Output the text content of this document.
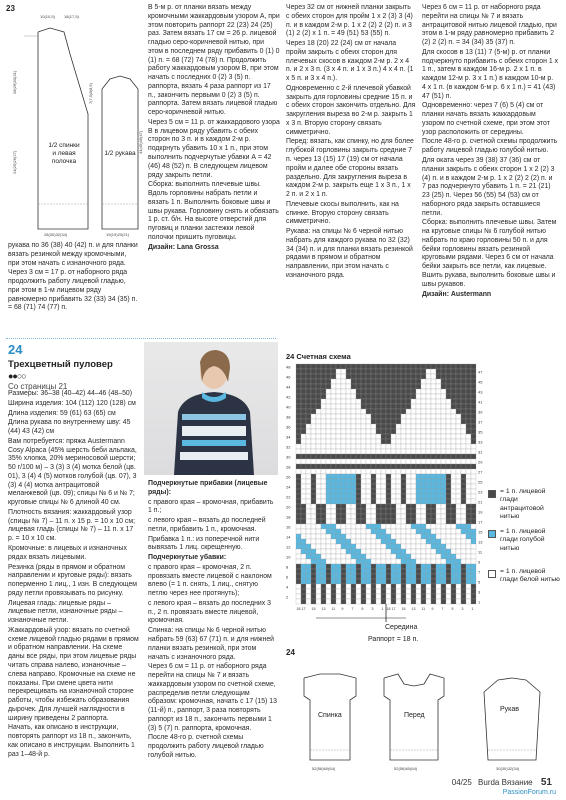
23
28(29)30(31)
24(25)26(27)
7(7,5)8(8,5)
44(45)46(47)
28(30)32(34)	19(19)20(21)
10(10,5) 18(17,5)
1/2 спинки и левая полочка
1/2 рукава

рукава по 36 (38) 40 (42) п. и для планки вязать резинкой между кромочными, при этом начать с изнаночного ряда.

Через 3 см = 17 р. от наборного ряда продолжить работу лицевой гладью, при этом в 1-м лицевом ряду равномерно прибавить 32 (33) 34 (35) п. = 68 (71) 74 (77) п.

В 5-м р. от планки вязать между кромочными жаккардовым узором А, при этом повторить раппорт 22 (23) 24 (25) раз. Затем вязать 17 см = 26 р. лицевой гладью серо-коричневой нитью, при этом в последнем ряду прибавить 0 (1) 0 (1) п. = 68 (72) 74 (78) п. Продолжить работу жаккардовым узором В, при этом начать с последних 0 (2) 3 (5) п. раппорта, вязать 4 раза раппорт из 17 п., закончить первыми 0 (2) 3 (5) п. раппорта. Затем вязать лицевой гладью серо-коричневой нитью.

Через 5 см = 11 р. от жаккардового узора В в лицевом ряду убавить с обеих сторон по 3 п. и в каждом 2-м р. подкрнуть убавить 10 x 1 п., при этом выполнить подчерчутые убавки А = 42 (46) 48 (52) п. В следующем лицевом ряду закрыть петли.

Сборка: выполнить плечевые швы. Вдоль горловины набрать петли и вязать 1 п. Выполнить боковые швы и швы рукава. Горловину снять и обвязать 1 р. ст. б/н. На высоте отверстий для пуговиц и планки застежки левой полочки пришить пуговицы.

Дизайн: Lana Grossa

Через 32 см от нижней планки закрыть с обеих сторон для пройм 1 x 2 (3) 3 (4) п. и в каждом 2-м р. 1 x 2 (2) 2 (2) п. и 3 (1) 2 (2) x 1 п. = 49 (51) 53 (55) п.

Через 18 (20) 22 (24) см от начала пройм закрыть с обеих сторон для плечевых скосов в каждом 2-м р. 2 x 4 п. и 2 x 3 п. (3 x 4 п. и 1 x 3 п.) 4 x 4 п. (1 x 5 п. и 3 x 4 п.).

Одновременно с 2-й плечевой убавкой закрыть для горловины средние 15 п. и с обеих сторон закончить отдельно. Для закругления выреза во 2-м р. закрыть 1 x 3 п. Вторую сторону связать симметрично.

Перед: вязать, как спинку, но для более глубокой горловины закрыть средние 7 п. через 13 (15) 17 (19) см от начала пройм и далее обе стороны вязать раздельно. Для закругления выреза в каждом 2-м р. закрыть еще 1 x 3 п., 1 x 2 п. и 2 x 1 п.

Плечевые скосы выполнить, как на спинке. Вторую сторону связать симметрично.

Рукава: на спицы № 6 черной нитью набрать для каждого рукава по 32 (32) 34 (34) п. и для планки вязать резинкой рядами в прямом и обратном направлении, при этом начать с изнаночного ряда.

Через 6 см = 11 р. от наборного ряда перейти на спицы № 7 и вязать антрацитовой нитью лицевой гладью, при этом в 1-м ряду равномерно прибавить 2 (2) 2 (2) п. = 34 (34) 35 (37) п.

Для скосов в 13 (11) 7 (5-м) р. от планки подчеркнуто прибавить с обеих сторон 1 x 1 п., затем в каждом 16-м р. 2 x 1 п. в каждом 12-м р. 3 x 1 п.) в каждом 10-м р. 4 x 1 п. (в каждом 6-м р. 6 x 1 п.) = 41 (43) 47 (51) п.

Одновременно: через 7 (6) 5 (4) см от планки начать вязать жаккардовым узором по счетной схеме, при этом этот узор расположить от середины.

После 48-го р. счетной схемы продолжить работу лицевой гладью голубой нитью.

Для оката через 39 (38) 37 (36) см от планки закрыть с обеих сторон 1 x 2 (2) 3 (4) п. и в каждом 2-м р. 1 x 2 (2) 2 (2) п. и 7 раз подчеркнуто убавить 1 п. = 21 (21) 23 (25) п. Через 56 (55) 54 (53) см от наборного ряда закрыть оставшиеся петли.

Сборка: выполнить плечевые швы. Затем на круговые спицы № 6 голубой нитью набрать по краю горловины 50 п. и для бейки горловины вязать резинкой круговыми рядами. Через 6 см от начала бейки закрыть все петли, как лицевые. Вшить рукава, выполнить боковые швы и швы рукавов.

Дизайн: Austermann

24
Трехцветный пуловер
●●○○
Со страницы 21

Размеры: 36–38 (40–42) 44–46 (48–50)

Ширина изделия: 104 (112) 120 (128) см

Длина изделия: 59 (61) 63 (65) см

Длина рукава по внутреннему шву: 45 (44) 43 (42) см

Вам потребуется: пряжа Austermann Cosy Alpaca (45% шерсть беби альпака, 35% хлопка, 20% мериносовой шерсти; 50 г/100 м) – 3 (3) 3 (4) мотка белой (цв. 01), 3 (4) 4 (5) мотков голубой (цв. 07), 3 (3) 4 (4) мотка антрацитовой меланжевой (цв. 09); спицы № 6 и № 7; круговые спицы № 6 длиной 40 см.

Плотность вязания: жаккардовый узор (спицы № 7) – 11 п. x 15 р. = 10 x 10 см; лицевая гладь (спицы № 7) – 11 п. x 17 р. = 10 x 10 см.

Кромочные: в лицевых и изнаночных рядах вязать лицевыми.

Резинка (ряды в прямом и обратном направлении и круговые ряды): вязать поперменно 1 лиц., 1 изн. В следующем ряду петли провязывать по рисунку.

Лицевая гладь: лицевые ряды – лицевые петли, изнаночные ряды – изнаночные петли.

Жаккардовый узор: вязать по счетной схеме лицевой гладью рядами в прямом и обратном направлении. На схеме даны все ряды, при этом лицевые ряды читать справа налево, изнаночные – слева направо. Кромочные на схеме не показаны. При смене цвета нити перекрещивать на изнаночной стороне работы, чтобы избежать образования дырочек. Для лучшей наглядности в ширину приведены 2 раппорта.

Начать, как описано в инструкции, повторять раппорт из 18 п., закончить, как описано в инструкции. Выполнить 1 раз 1–48-й р.

Подчеркнутые прибавки (лицевые ряды):

с правого края – кромочная, прибавить 1 п.;

с левого края – вязать до последней петли, прибавить 1 п., кромочная.

Прибавка 1 п.: из поперечной нити вывязать 1 лиц. скрещенную.

Подчеркнутые убавки:

с правого края – кромочная, 2 п. провязать вместе лицевой с наклоном влево (= 1 п. снять, 1 лиц., снятую петлю через нее протянуть);

с левого края – вязать до последних 3 п., 2 п. провязать вместе лицевой, кромочная.

Спинка: на спицы № 6 черной нитью набрать 59 (63) 67 (71) п. и для нижней планки вязать резинкой, при этом начать с изнаночного ряда.

Через 6 см = 11 р. от наборного ряда перейти на спицы № 7 и вязать жаккардовым узором по счетной схеме, распределив петли следующим образом: кромочная, начать с 17 (15) 13 (11-й) п., раппорт, 3 раза повторять раппорт из 18 п., закончить первыми 1 (3) 5 (7) п. раппорта, кромочная.

После 48-го р. счетной схемы продолжить работу лицевой гладью голубой нитью.

24 Счетная схема
48
47
46
45
44
43
42
41
40
39
38
37
36
35
34
33
32
31
30
29
28
27
26
25
24
23
22
21
20
19
18
17
16
15
14
13
12
11
10
9
8
7
6
5
4
3
2
1
18 17 15 13 11 9 7 5 3 1 18 17 15 13 11 9 7 5 3 1
= 1 п. лицевой глади антрацитовой нитью
= 1 п. лицевой глади голубой нитью
= 1 п. лицевой глади белой нитью
Середина
Раппорт = 18 п.
24
52(56)60(64)	52(56)60(64)	30(30)32(34)
Спинка	Перед
Рукав
04/25 Burda Вязание 51
PassionForum.ru
